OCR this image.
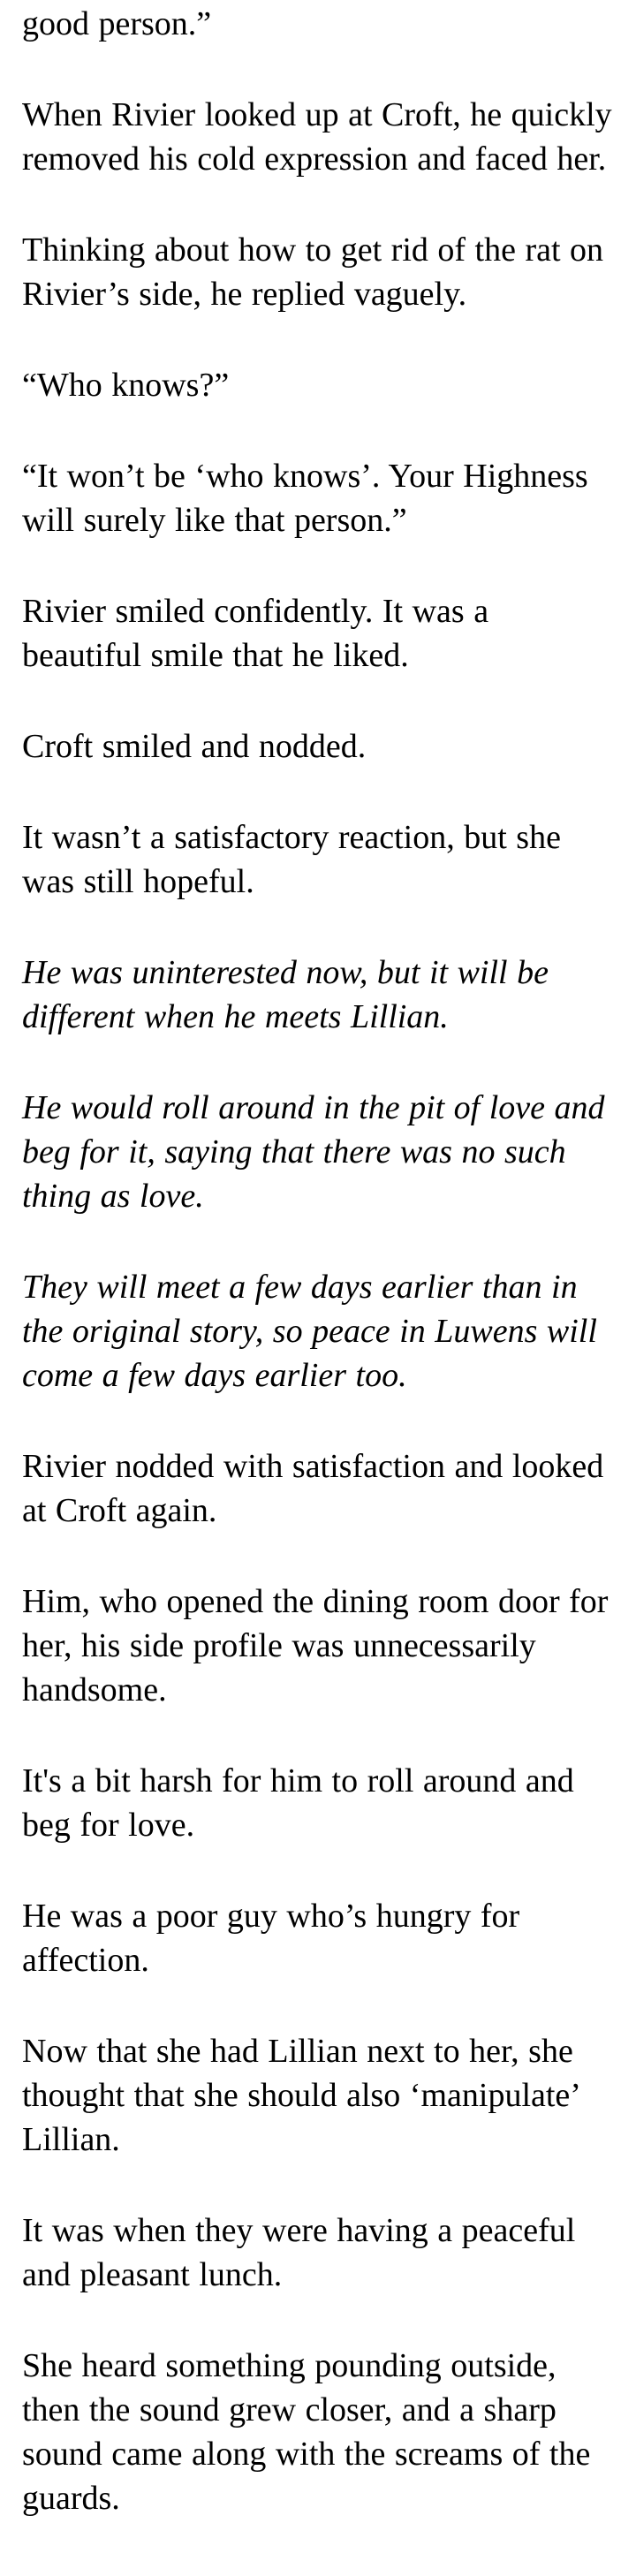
good person.”

When Rivier looked up at Croft, he quickly removed his cold expression and faced her.

Thinking about how to get rid of the rat on Rivier’s side, he replied vaguely.

“Who knows?”

“It won’t be ‘who knows’. Your Highness will surely like that person.”

Rivier smiled confidently. It was a beautiful smile that he liked.

Croft smiled and nodded.

It wasn’t a satisfactory reaction, but she was still hopeful.

He was uninterested now, but it will be different when he meets Lillian.

He would roll around in the pit of love and beg for it, saying that there was no such thing as love.

They will meet a few days earlier than in the original story, so peace in Luwens will come a few days earlier too.

Rivier nodded with satisfaction and looked at Croft again.

Him, who opened the dining room door for her, his side profile was unnecessarily handsome.

It's a bit harsh for him to roll around and beg for love.

He was a poor guy who’s hungry for affection.

Now that she had Lillian next to her, she thought that she should also ‘manipulate’ Lillian.

It was when they were having a peaceful and pleasant lunch.

She heard something pounding outside, then the sound grew closer, and a sharp sound came along with the screams of the guards.
